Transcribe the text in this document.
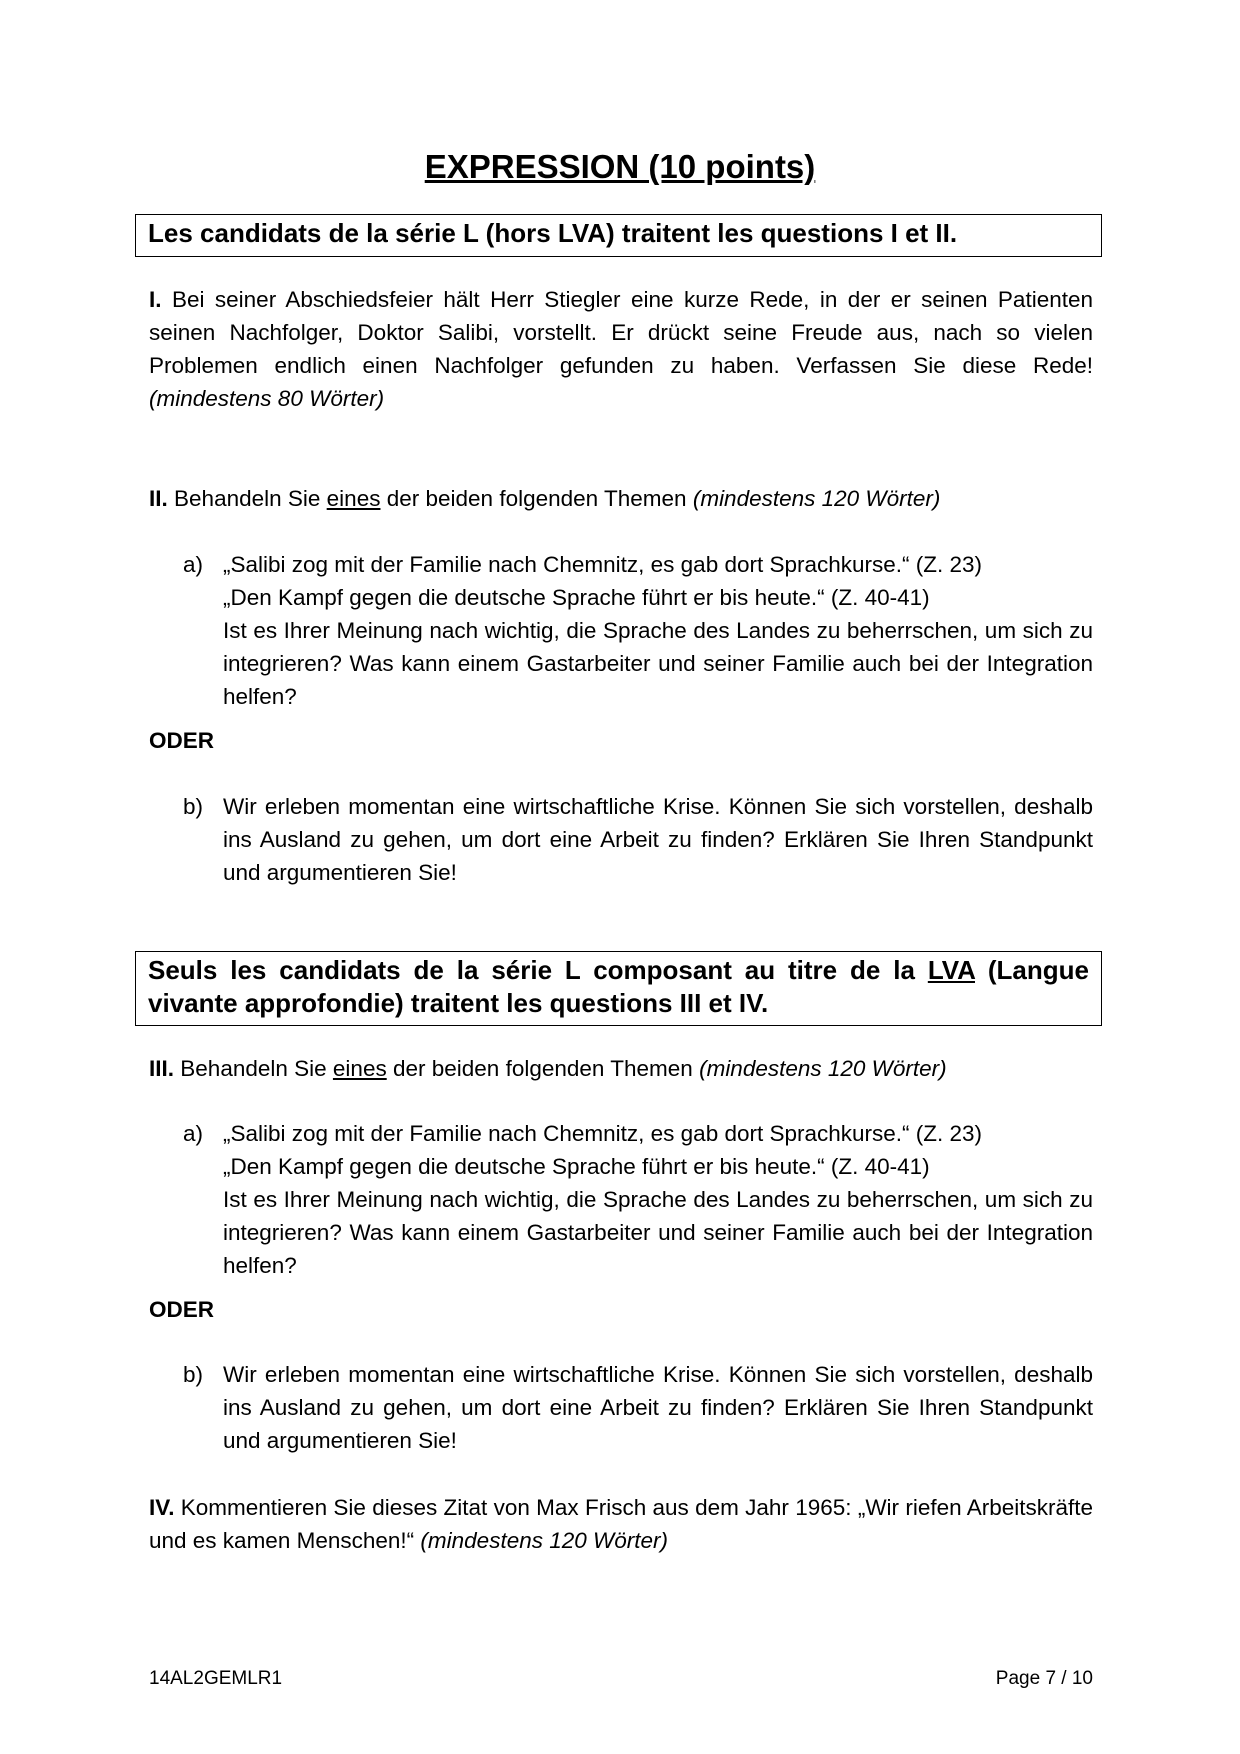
EXPRESSION (10 points)
Les candidats de la série L (hors LVA) traitent les questions I et II.
I. Bei seiner Abschiedsfeier hält Herr Stiegler eine kurze Rede, in der er seinen Patienten seinen Nachfolger, Doktor Salibi, vorstellt. Er drückt seine Freude aus, nach so vielen Problemen endlich einen Nachfolger gefunden zu haben. Verfassen Sie diese Rede! (mindestens 80 Wörter)
II. Behandeln Sie eines der beiden folgenden Themen (mindestens 120 Wörter)
a) „Salibi zog mit der Familie nach Chemnitz, es gab dort Sprachkurse.“ (Z. 23)
„Den Kampf gegen die deutsche Sprache führt er bis heute.“ (Z. 40-41)
Ist es Ihrer Meinung nach wichtig, die Sprache des Landes zu beherrschen, um sich zu integrieren? Was kann einem Gastarbeiter und seiner Familie auch bei der Integration helfen?
ODER
b) Wir erleben momentan eine wirtschaftliche Krise. Können Sie sich vorstellen, deshalb ins Ausland zu gehen, um dort eine Arbeit zu finden? Erklären Sie Ihren Standpunkt und argumentieren Sie!
Seuls les candidats de la série L composant au titre de la LVA (Langue vivante approfondie) traitent les questions III et IV.
III. Behandeln Sie eines der beiden folgenden Themen (mindestens 120 Wörter)
a) „Salibi zog mit der Familie nach Chemnitz, es gab dort Sprachkurse.“ (Z. 23)
„Den Kampf gegen die deutsche Sprache führt er bis heute.“ (Z. 40-41)
Ist es Ihrer Meinung nach wichtig, die Sprache des Landes zu beherrschen, um sich zu integrieren? Was kann einem Gastarbeiter und seiner Familie auch bei der Integration helfen?
ODER
b) Wir erleben momentan eine wirtschaftliche Krise. Können Sie sich vorstellen, deshalb ins Ausland zu gehen, um dort eine Arbeit zu finden? Erklären Sie Ihren Standpunkt und argumentieren Sie!
IV. Kommentieren Sie dieses Zitat von Max Frisch aus dem Jahr 1965: „Wir riefen Arbeitskräfte und es kamen Menschen!“ (mindestens 120 Wörter)
14AL2GEMLR1	Page 7 / 10
